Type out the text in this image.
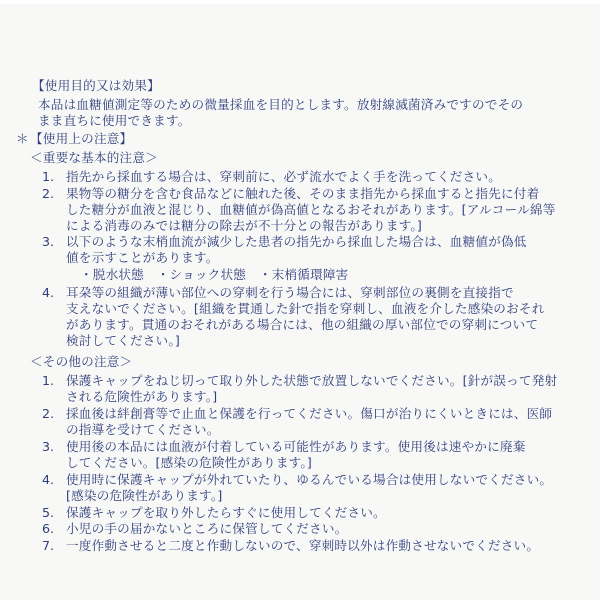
【使用目的又は効果】
本品は血糖値測定等のための微量採血を目的とします。放射線滅菌済みですのでその
まま直ちに使用できます。
＊ 【使用上の注意】
＜重要な基本的注意＞
1. 指先から採血する場合は、穿刺前に、必ず流水でよく手を洗ってください。
2. 果物等の糖分を含む食品などに触れた後、そのまま指先から採血すると指先に付着
した糖分が血液と混じり、血糖値が偽高値となるおそれがあります。[アルコール綿等
による消毒のみでは糖分の除去が不十分との報告があります。]
3. 以下のような末梢血流が減少した患者の指先から採血した場合は、血糖値が偽低
値を示すことがあります。
・脱水状態　・ショック状態　・末梢循環障害
4. 耳朶等の組織が薄い部位への穿刺を行う場合には、穿刺部位の裏側を直接指で
支えないでください。[組織を貫通した針で指を穿刺し、血液を介した感染のおそれ
があります。貫通のおそれがある場合には、他の組織の厚い部位での穿刺について
検討してください。]
＜その他の注意＞
1. 保護キャップをねじ切って取り外した状態で放置しないでください。[針が誤って発射
される危険性があります。]
2. 採血後は絆創膏等で止血と保護を行ってください。傷口が治りにくいときには、医師
の指導を受けてください。
3. 使用後の本品には血液が付着している可能性があります。使用後は速やかに廃棄
してください。[感染の危険性があります。]
4. 使用時に保護キャップが外れていたり、ゆるんでいる場合は使用しないでください。
[感染の危険性があります。]
5. 保護キャップを取り外したらすぐに使用してください。
6. 小児の手の届かないところに保管してください。
7. 一度作動させると二度と作動しないので、穿刺時以外は作動させないでください。
